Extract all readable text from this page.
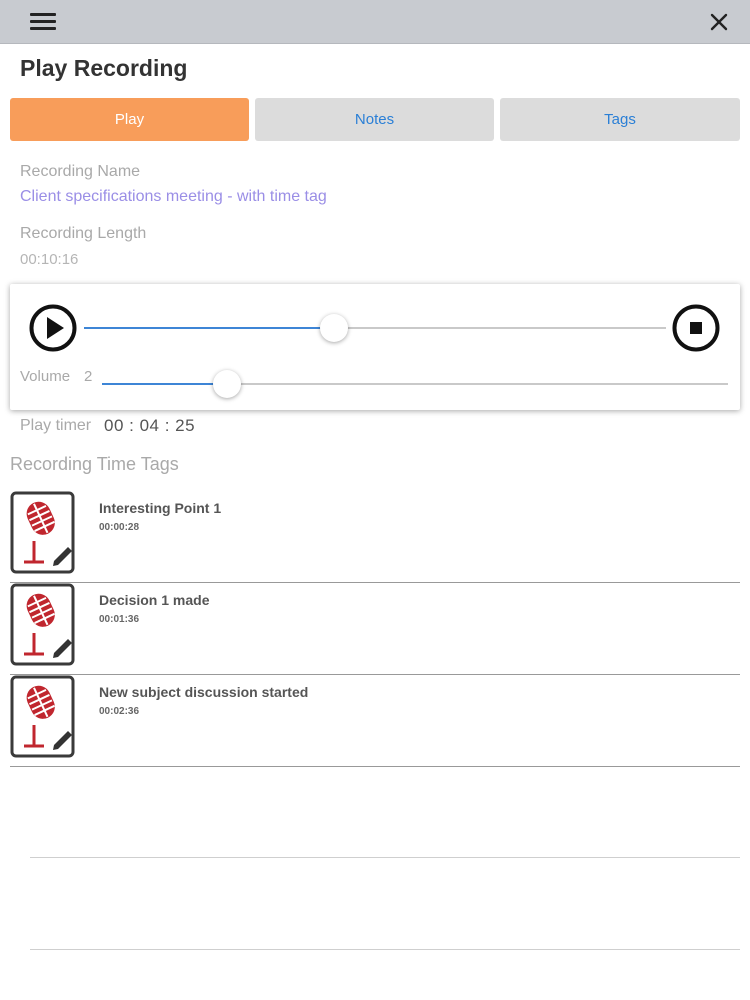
Play Recording
Play	Notes	Tags
Recording Name
Client specifications meeting - with time tag
Recording Length
00:10:16
Volume 2
Play timer 00 : 04 : 25
Recording Time Tags
Interesting Point 1
00:00:28
Decision 1 made
00:01:36
New subject discussion started
00:02:36
